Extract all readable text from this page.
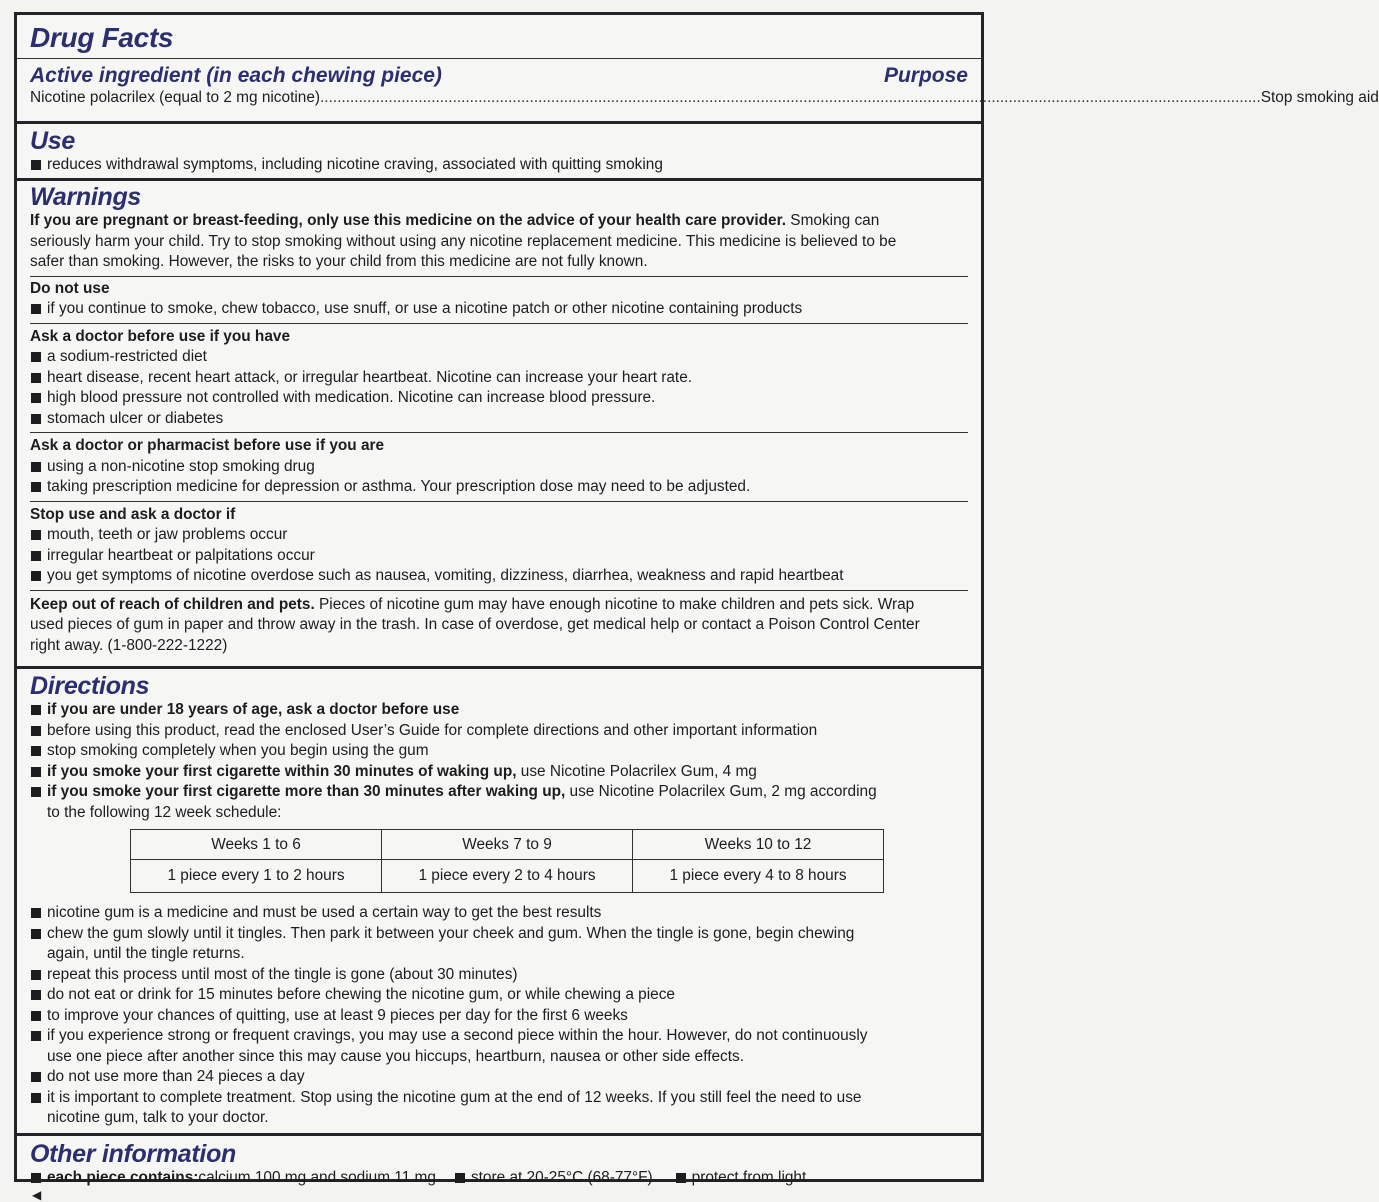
Drug Facts
Active ingredient (in each chewing piece)	Purpose
Nicotine polacrilex (equal to 2 mg nicotine) ............................................................................................................................................................................................................................ Stop smoking aid
Use
reduces withdrawal symptoms, including nicotine craving, associated with quitting smoking
Warnings
If you are pregnant or breast-feeding, only use this medicine on the advice of your health care provider. Smoking can
seriously harm your child. Try to stop smoking without using any nicotine replacement medicine. This medicine is believed to be
safer than smoking. However, the risks to your child from this medicine are not fully known.
Do not use
if you continue to smoke, chew tobacco, use snuff, or use a nicotine patch or other nicotine containing products
Ask a doctor before use if you have
a sodium-restricted diet
heart disease, recent heart attack, or irregular heartbeat. Nicotine can increase your heart rate.
high blood pressure not controlled with medication. Nicotine can increase blood pressure.
stomach ulcer or diabetes
Ask a doctor or pharmacist before use if you are
using a non-nicotine stop smoking drug
taking prescription medicine for depression or asthma. Your prescription dose may need to be adjusted.
Stop use and ask a doctor if
mouth, teeth or jaw problems occur
irregular heartbeat or palpitations occur
you get symptoms of nicotine overdose such as nausea, vomiting, dizziness, diarrhea, weakness and rapid heartbeat
Keep out of reach of children and pets. Pieces of nicotine gum may have enough nicotine to make children and pets sick. Wrap
used pieces of gum in paper and throw away in the trash. In case of overdose, get medical help or contact a Poison Control Center
right away. (1-800-222-1222)
Directions
if you are under 18 years of age, ask a doctor before use
before using this product, read the enclosed User’s Guide for complete directions and other important information
stop smoking completely when you begin using the gum
if you smoke your first cigarette within 30 minutes of waking up, use Nicotine Polacrilex Gum, 4 mg
if you smoke your first cigarette more than 30 minutes after waking up, use Nicotine Polacrilex Gum, 2 mg according
to the following 12 week schedule:
Weeks 1 to 6	Weeks 7 to 9	Weeks 10 to 12
1 piece every 1 to 2 hours	1 piece every 2 to 4 hours	1 piece every 4 to 8 hours
nicotine gum is a medicine and must be used a certain way to get the best results
chew the gum slowly until it tingles. Then park it between your cheek and gum. When the tingle is gone, begin chewing
again, until the tingle returns.
repeat this process until most of the tingle is gone (about 30 minutes)
do not eat or drink for 15 minutes before chewing the nicotine gum, or while chewing a piece
to improve your chances of quitting, use at least 9 pieces per day for the first 6 weeks
if you experience strong or frequent cravings, you may use a second piece within the hour. However, do not continuously
use one piece after another since this may cause you hiccups, heartburn, nausea or other side effects.
do not use more than 24 pieces a day
it is important to complete treatment. Stop using the nicotine gum at the end of 12 weeks. If you still feel the need to use
nicotine gum, talk to your doctor.
Other information
each piece contains: calcium 100 mg and sodium 11 mg store at 20-25°C (68-77°F)	protect from light
◀
